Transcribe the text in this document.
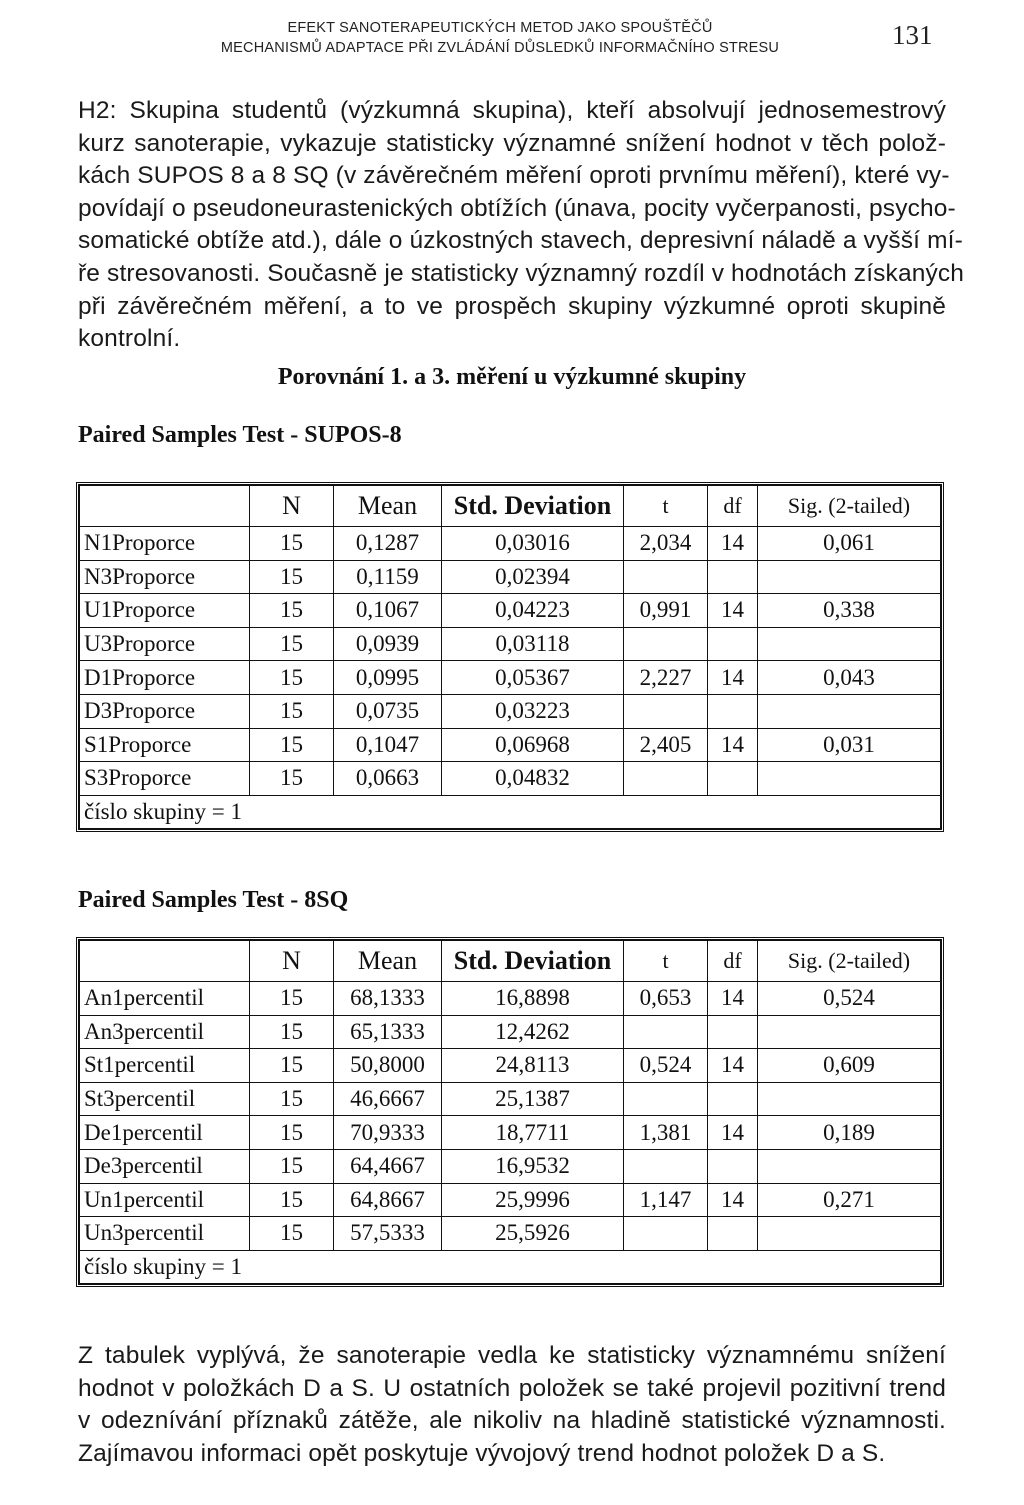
EFEKT SANOTERAPEUTICKÝCH METOD JAKO SPOUŠTĚČŮ
MECHANISMŮ ADAPTACE PŘI ZVLÁDÁNÍ DŮSLEDKŮ INFORMAČNÍHO STRESU	131
H2: Skupina studentů (výzkumná skupina), kteří absolvují jednosemestrový
kurz sanoterapie, vykazuje statisticky významné snížení hodnot v těch polož-
kách SUPOS 8 a 8 SQ (v závěrečném měření oproti prvnímu měření), které vy-
povídají o pseudoneurastenických obtížích (únava, pocity vyčerpanosti, psycho-
somatické obtíže atd.), dále o úzkostných stavech, depresivní náladě a vyšší mí-
ře stresovanosti. Současně je statisticky významný rozdíl v hodnotách získaných
při závěrečném měření, a to ve prospěch skupiny výzkumné oproti skupině
kontrolní.
Porovnání 1. a 3. měření u výzkumné skupiny
Paired Samples Test - SUPOS-8
	N	Mean	Std. Deviation	t	df	Sig. (2-tailed)
N1Proporce	15	0,1287	0,03016	2,034	14	0,061
N3Proporce	15	0,1159	0,02394			
U1Proporce	15	0,1067	0,04223	0,991	14	0,338
U3Proporce	15	0,0939	0,03118			
D1Proporce	15	0,0995	0,05367	2,227	14	0,043
D3Proporce	15	0,0735	0,03223			
S1Proporce	15	0,1047	0,06968	2,405	14	0,031
S3Proporce	15	0,0663	0,04832			
číslo skupiny = 1						
Paired Samples Test - 8SQ
	N	Mean	Std. Deviation	t	df	Sig. (2-tailed)
An1percentil	15	68,1333	16,8898	0,653	14	0,524
An3percentil	15	65,1333	12,4262			
St1percentil	15	50,8000	24,8113	0,524	14	0,609
St3percentil	15	46,6667	25,1387			
De1percentil	15	70,9333	18,7711	1,381	14	0,189
De3percentil	15	64,4667	16,9532			
Un1percentil	15	64,8667	25,9996	1,147	14	0,271
Un3percentil	15	57,5333	25,5926			
číslo skupiny = 1						
Z tabulek vyplývá, že sanoterapie vedla ke statisticky významnému snížení
hodnot v položkách D a S. U ostatních položek se také projevil pozitivní trend
v odeznívání příznaků zátěže, ale nikoliv na hladině statistické významnosti.
Zajímavou informaci opět poskytuje vývojový trend hodnot položek D a S.
